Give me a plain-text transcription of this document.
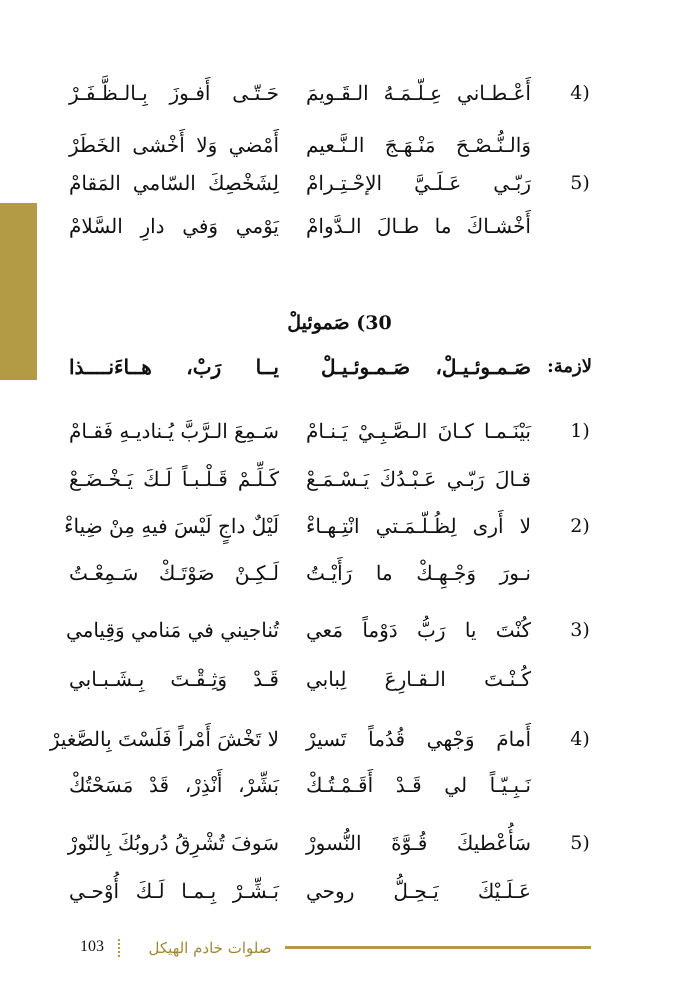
4)
أَعْـطـاني عِـلّـمَـهُ الـقَـويمَ
حَـتّـى أَفـوزَ بِـالـظَّـفَـرْ
وَالـنُّـصْـحَ مَنْـهَـجَ الـنَّـعيم
أَمْضي وَلا أَخْشى الخَطَرْ
5)
رَبّـي عَـلَـيَّ الإحْـتِـرامْ
لِشَخْصِكَ السّامي المَقامْ
أَخْشـاكَ ما طـالَ الـدَّوامْ
يَوْمي وَفي دارِ السَّلامْ
30) صَموئيلْ
لازمة:
صَـمـوئـيـلْ، صَـمـوئـيـلْ
يــا رَبْ، هــاءَنــــذا
1)
بَيْنَـمـا كـانَ الـصَّـبِـيْ يَـنـامْ
سَـمِعَ الـرَّبَّ يُـناديـهِ فَقـامْ
قـالَ رَبّـي عَـبْـدُكَ يَـسْـمَـعْ
كَـلِّـمْ قَـلْـبـاً لَـكَ يَـخْـضَـعْ
2)
لا أَرى لِظُـلّـمَـتي انْتِـهـاءْ
لَيْلٌ داجٍ لَيْسَ فيهِ مِنْ ضِياءْ
نـورَ وَجْـهِـكْ ما رَأَيْـتُ
لَـكِـنْ صَوْتَـكْ سَـمِعْـتُ
3)
كُنْتَ يا رَبُّ دَوْماً مَعي
تُناجيني في مَنامي وَقِيامي
كُـنْـتَ الـقـارِعَ لِبابي
قَـدْ وَثِـقْـتَ بِـشَـبـابي
4)
أَمامَ وَجْهي قُدُماً تَسيرْ
لا تَخْشَ أَمْراً فَلَسْتَ بِالصَّغيرْ
نَـبِـيّـاً لي قَـدْ أَقَـمْـتُـكْ
بَشِّرْ، أَنْذِرْ، قَدْ مَسَحْتُكْ
5)
سَأُعْطيكَ قُـوَّةَ النُّسورْ
سَوفَ تُشْرِقُ دُروبُكَ بِالنّورْ
عَـلَـيْكَ يَـحِـلُّ روحي
بَـشِّـرْ بِـمـا لَـكَ أُوْحـي
صلوات خادم الهيكل
103
